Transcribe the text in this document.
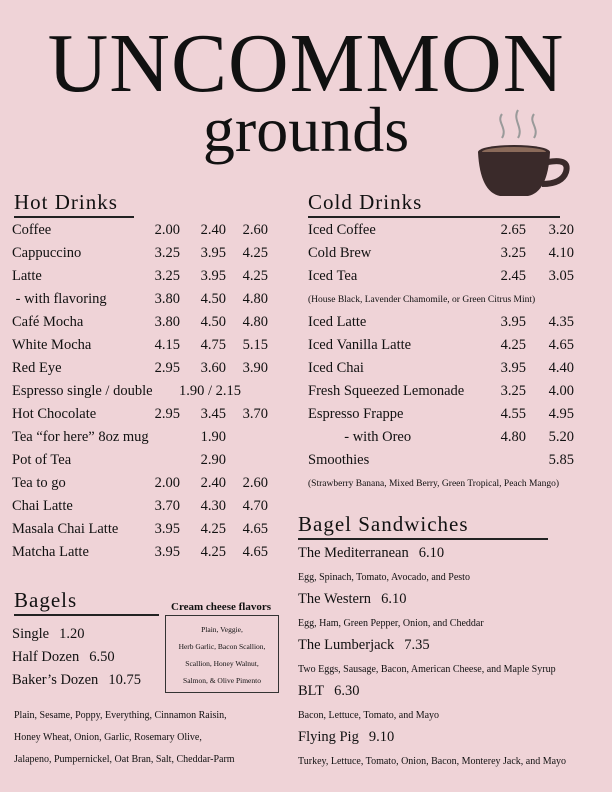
UNCOMMON
grounds
Hot Drinks
Coffee	2.00	2.40	2.60
Cappuccino	3.25	3.95	4.25
Latte	3.25	3.95	4.25
- with flavoring	3.80	4.50	4.80
Café Mocha	3.80	4.50	4.80
White Mocha	4.15	4.75	5.15
Red Eye	2.95	3.60	3.90
Espresso single / double 1.90 / 2.15
Hot Chocolate	2.95	3.45	3.70
Tea “for here” 8oz mug	1.90
Pot of Tea	2.90
Tea to go	2.00	2.40	2.60
Chai Latte	3.70	4.30	4.70
Masala Chai Latte	3.95	4.25	4.65
Matcha Latte	3.95	4.25	4.65
Cold Drinks
Iced Coffee	2.65	3.20
Cold Brew	3.25	4.10
Iced Tea	2.45	3.05
(House Black, Lavender Chamomile, or Green Citrus Mint)
Iced Latte	3.95	4.35
Iced Vanilla Latte	4.25	4.65
Iced Chai	3.95	4.40
Fresh Squeezed Lemonade	3.25	4.00
Espresso Frappe	4.55	4.95
- with Oreo	4.80	5.20
Smoothies	5.85
(Strawberry Banana, Mixed Berry, Green Tropical, Peach Mango)
Bagels
Single 1.20
Half Dozen 6.50
Baker’s Dozen 10.75
Plain, Sesame, Poppy, Everything, Cinnamon Raisin,
Honey Wheat, Onion, Garlic, Rosemary Olive,
Jalapeno, Pumpernickel, Oat Bran, Salt, Cheddar-Parm
Plain, Veggie,
Herb Garlic, Bacon Scallion,
Scallion, Honey Walnut,
Salmon, & Olive Pimento
Cream cheese flavors
Bagel Sandwiches
The Mediterranean 6.10
Egg, Spinach, Tomato, Avocado, and Pesto
The Western 6.10
Egg, Ham, Green Pepper, Onion, and Cheddar
The Lumberjack 7.35
Two Eggs, Sausage, Bacon, American Cheese, and Maple Syrup
BLT 6.30
Bacon, Lettuce, Tomato, and Mayo
Flying Pig 9.10
Turkey, Lettuce, Tomato, Onion, Bacon, Monterey Jack, and Mayo
